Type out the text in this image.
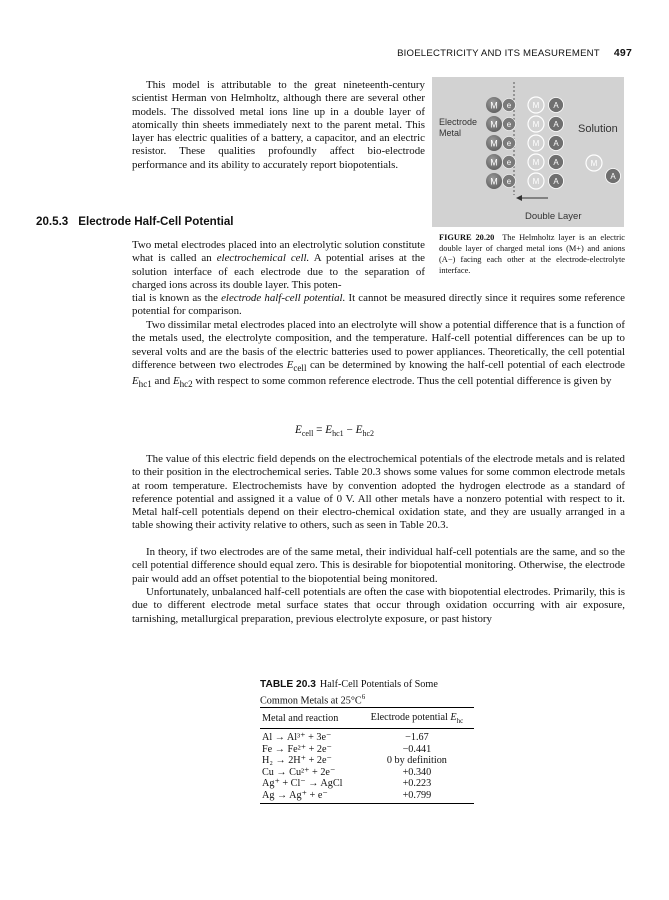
BIOELECTRICITY AND ITS MEASUREMENT 497

This model is attributable to the great nineteenth-century scientist Herman von Helmholtz, although there are several other models. The dissolved metal ions line up in a double layer of atomically thin sheets immediately next to the parent metal. This layer has electric qualities of a battery, a capacitor, and an electric resistor. These qualities profoundly affect bio-electrode performance and its ability to accurately report biopotentials.

Electrode
Metal
M
M
M
M
M
e
e
e
e
e
M A
M A
M A
M A
M A
M
A
Solution
Double Layer
FIGURE 20.20 The Helmholtz layer is an electric double layer of charged metal ions (M+) and anions (A−) facing each other at the electrode-electrolyte interface.
20.5.3 Electrode Half-Cell Potential

Two metal electrodes placed into an electrolytic solution constitute what is called an electrochemical cell. A potential arises at the solution interface of each electrode due to the separation of charged ions across its double layer. This poten-

tial is known as the electrode half-cell potential. It cannot be measured directly since it requires some reference potential for comparison.

Two dissimilar metal electrodes placed into an electrolyte will show a potential difference that is a function of the metals used, the electrolyte composition, and the temperature. Half-cell potential differences can be up to several volts and are the basis of the electric batteries used to power appliances. Theoretically, the cell potential difference between two electrodes $E_{cell}$ can be determined by knowing the half-cell potential of each electrode $E_{hc1}$ and $E_{hc2}$ with respect to some common reference electrode. Thus the cell potential difference is given by

$E_{cell} = E_{hc1} - E_{hc2}$

The value of this electric field depends on the electrochemical potentials of the electrode metals and is related to their position in the electrochemical series. Table 20.3 shows some values for some common electrode metals at room temperature. Electrochemists have by convention adopted the hydrogen electrode as a standard of reference potential and assigned it a value of 0 V. All other metals have a nonzero potential with respect to it. Metal half-cell potentials depend on their electro-chemical oxidation state, and they are usually arranged in a table showing their activity relative to others, such as seen in Table 20.3.

In theory, if two electrodes are of the same metal, their individual half-cell potentials are the same, and so the cell potential difference should equal zero. This is desirable for biopotential monitoring. Otherwise, the electrode pair would add an offset potential to the biopotential being monitored.

Unfortunately, unbalanced half-cell potentials are often the case with biopotential electrodes. Primarily, this is due to different electrode metal surface states that occur through oxidation occurring with air exposure, tarnishing, metallurgical preparation, previous electrolyte exposure, or past history

TABLE 20.3 Half-Cell Potentials of Some Common Metals at $25^\circ C^6$
Metal and reaction	Electrode potential $E_{hc}$
Al → Al³⁺ + 3e⁻	−1.67
Fe → Fe²⁺ + 2e⁻	−0.441
H₂ → 2H⁺ + 2e⁻	0 by definition
Cu → Cu²⁺ + 2e⁻	+0.340
Ag⁺ + Cl⁻ → AgCl	+0.223
Ag → Ag⁺ + e⁻	+0.799
